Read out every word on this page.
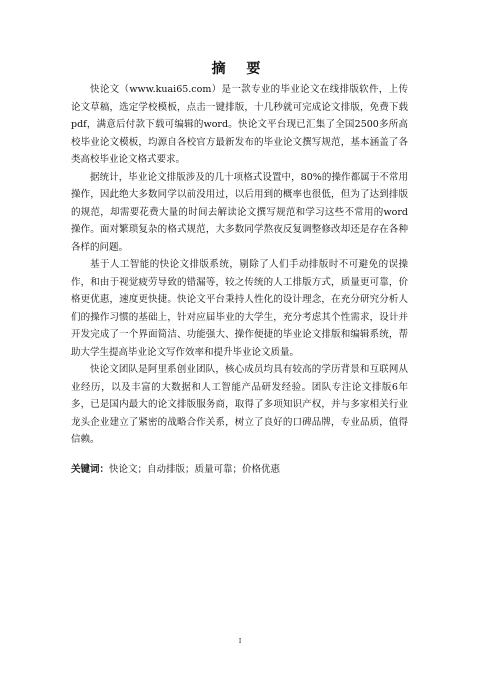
摘 要

快论文（www.kuai65.com）是一款专业的毕业论文在线排版软件，上传论文草稿，选定学校模板，点击一键排版，十几秒就可完成论文排版，免费下载pdf，满意后付款下载可编辑的word。快论文平台现已汇集了全国2500多所高校毕业论文模板，均源自各校官方最新发布的毕业论文撰写规范，基本涵盖了各类高校毕业论文格式要求。

据统计，毕业论文排版涉及的几十项格式设置中，80%的操作都属于不常用操作，因此绝大多数同学以前没用过，以后用到的概率也很低，但为了达到排版的规范，却需要花费大量的时间去解读论文撰写规范和学习这些不常用的word操作。面对繁琐复杂的格式规范，大多数同学熬夜反复调整修改却还是存在各种各样的问题。

基于人工智能的快论文排版系统，剔除了人们手动排版时不可避免的误操作，和由于视觉疲劳导致的错漏等，较之传统的人工排版方式，质量更可靠，价格更优惠，速度更快捷。快论文平台秉持人性化的设计理念，在充分研究分析人们的操作习惯的基础上，针对应届毕业的大学生，充分考虑其个性需求，设计并开发完成了一个界面简洁、功能强大、操作便捷的毕业论文排版和编辑系统，帮助大学生提高毕业论文写作效率和提升毕业论文质量。

快论文团队是阿里系创业团队，核心成员均具有较高的学历背景和互联网从业经历，以及丰富的大数据和人工智能产品研发经验。团队专注论文排版6年多，已是国内最大的论文排版服务商，取得了多项知识产权，并与多家相关行业龙头企业建立了紧密的战略合作关系，树立了良好的口碑品牌，专业品质，值得信赖。

关键词：快论文；自动排版；质量可靠；价格优惠

I
